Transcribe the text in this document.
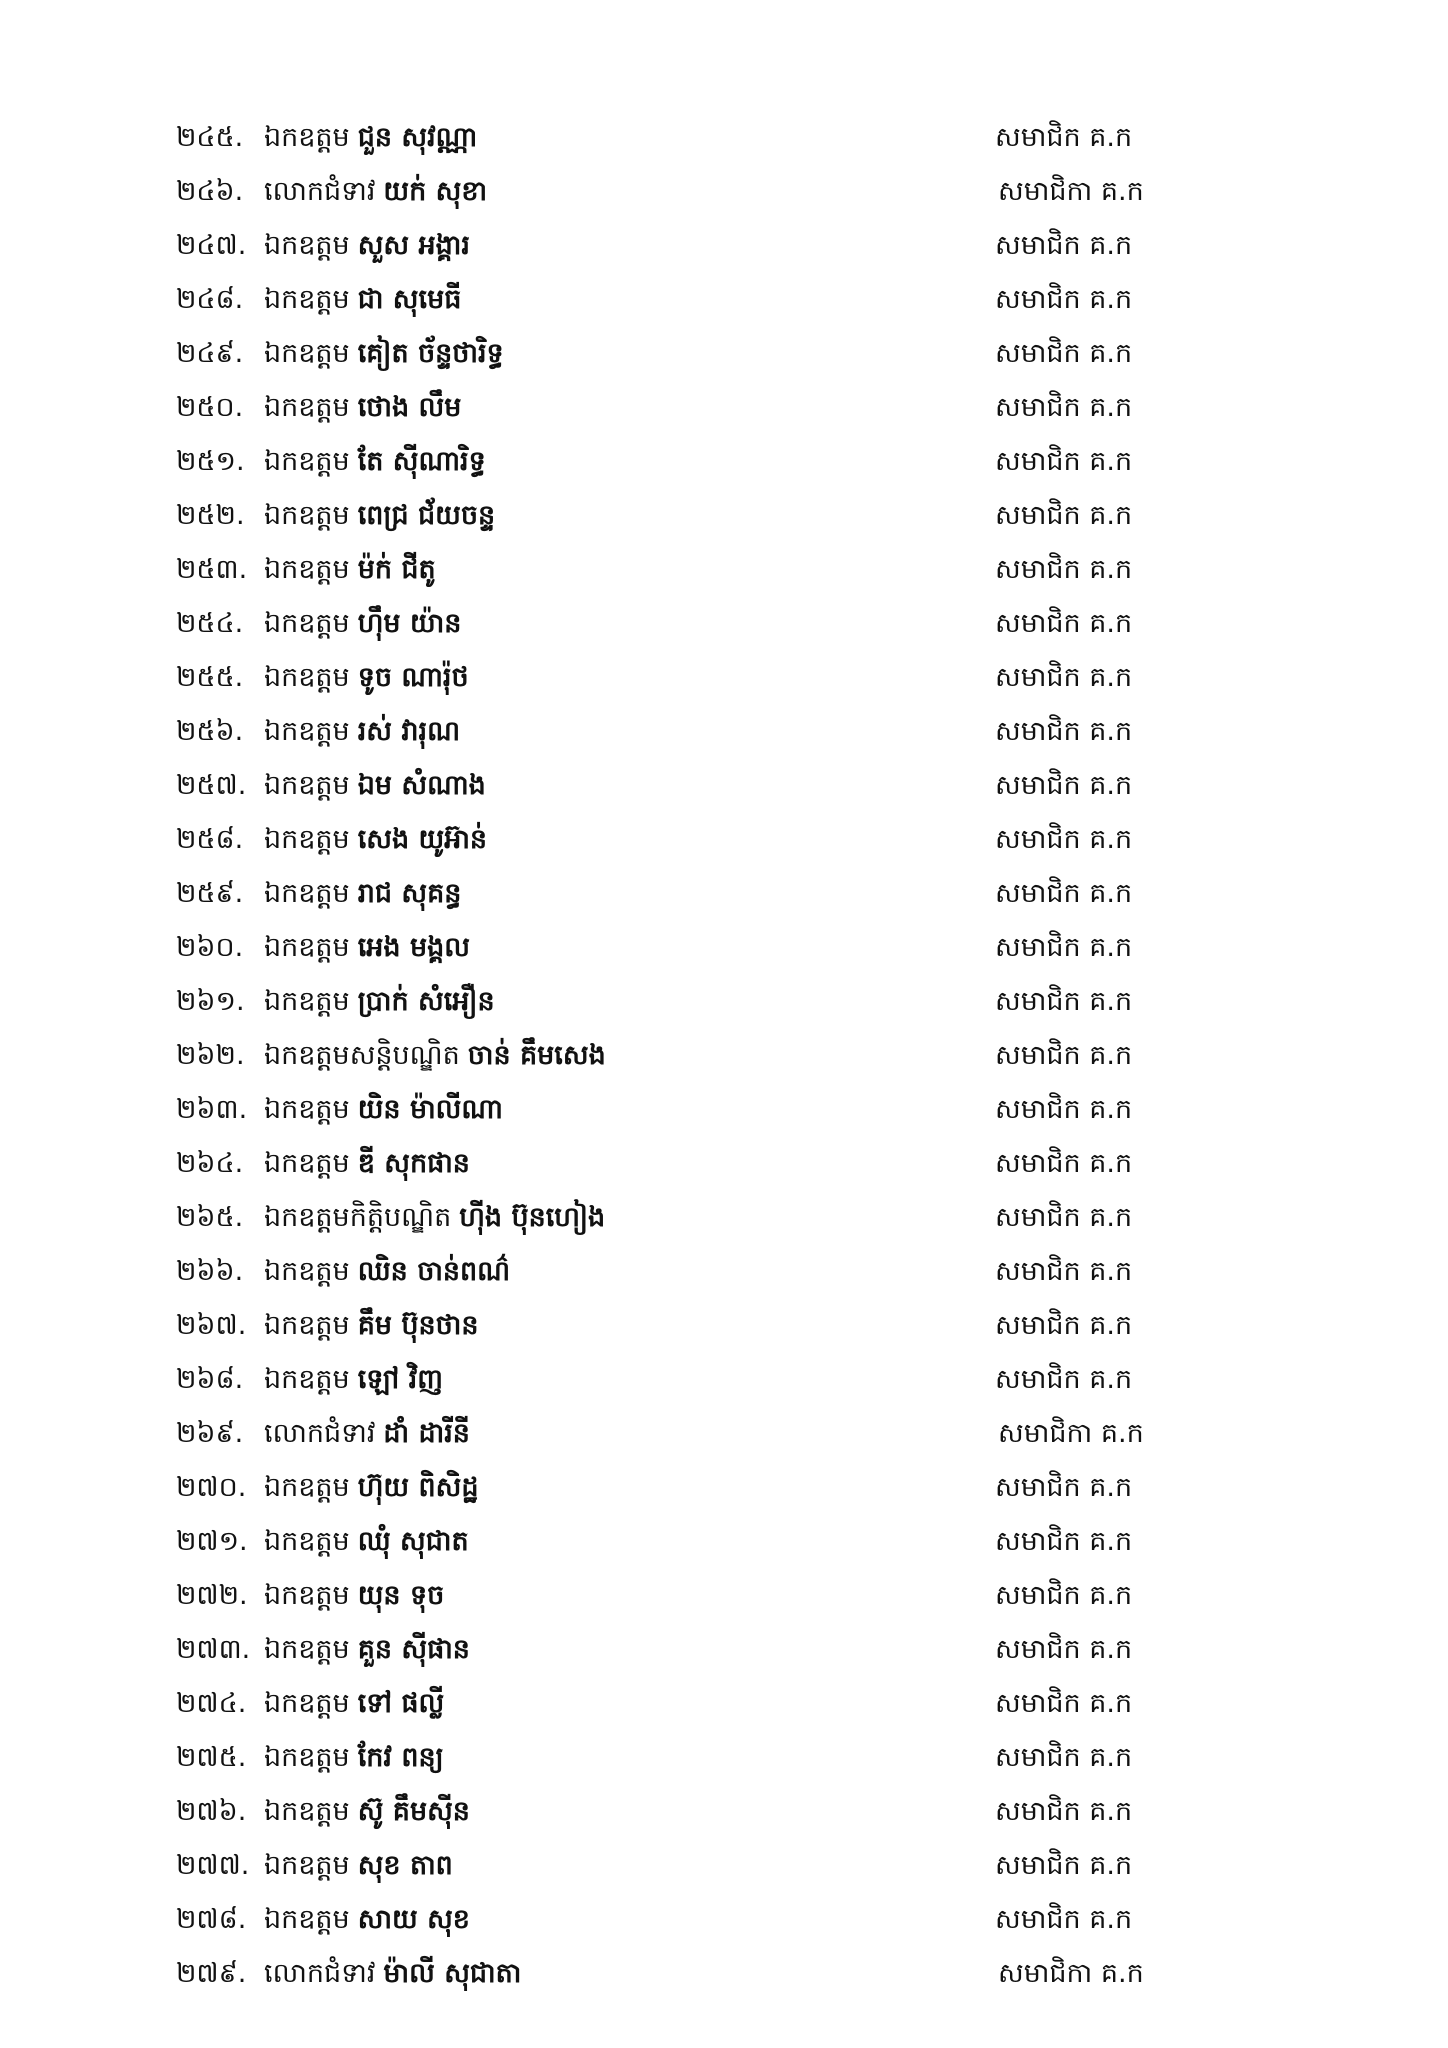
២៤៥. ឯកឧត្តម ជួន សុវណ្ណា	សមាជិក គ.ក
២៤៦. លោកជំទាវ យក់ សុខា	សមាជិកា គ.ក
២៤៧. ឯកឧត្តម សួស អង្គារ	សមាជិក គ.ក
២៤៨. ឯកឧត្តម ជា សុមេធី	សមាជិក គ.ក
២៤៩. ឯកឧត្តម គៀត ច័ន្ទថារិទ្ធ	សមាជិក គ.ក
២៥០. ឯកឧត្តម ថោង លឹម	សមាជិក គ.ក
២៥១. ឯកឧត្តម តែ ស៊ីណារិទ្ធ	សមាជិក គ.ក
២៥២. ឯកឧត្តម ពេជ្រ ជ័យចន្ទ	សមាជិក គ.ក
២៥៣. ឯកឧត្តម ម៉ក់ ជីតូ	សមាជិក គ.ក
២៥៤. ឯកឧត្តម ហ៊ឹម យ៉ាន	សមាជិក គ.ក
២៥៥. ឯកឧត្តម ទូច ណារ៉ុថ	សមាជិក គ.ក
២៥៦. ឯកឧត្តម រស់ វារុណ	សមាជិក គ.ក
២៥៧. ឯកឧត្តម ឯម សំណាង	សមាជិក គ.ក
២៥៨. ឯកឧត្តម សេង យូអ៊ាន់	សមាជិក គ.ក
២៥៩. ឯកឧត្តម រាជ សុគន្ធ	សមាជិក គ.ក
២៦០. ឯកឧត្តម អេង មង្គល	សមាជិក គ.ក
២៦១. ឯកឧត្តម ប្រាក់ សំអឿន	សមាជិក គ.ក
២៦២. ឯកឧត្តមសន្តិបណ្ឌិត ចាន់ គឹមសេង	សមាជិក គ.ក
២៦៣. ឯកឧត្តម យិន ម៉ាលីណា	សមាជិក គ.ក
២៦៤. ឯកឧត្តម ឌី សុកផាន	សមាជិក គ.ក
២៦៥. ឯកឧត្តមកិត្តិបណ្ឌិត ហ៊ីង ប៊ុនហៀង	សមាជិក គ.ក
២៦៦. ឯកឧត្តម ឈិន ចាន់ពណ៌	សមាជិក គ.ក
២៦៧. ឯកឧត្តម គឹម ប៊ុនថាន	សមាជិក គ.ក
២៦៨. ឯកឧត្តម ឡៅ វិញ	សមាជិក គ.ក
២៦៩. លោកជំទាវ ដាំ ដារីនី	សមាជិកា គ.ក
២៧០. ឯកឧត្តម ហ៊ុយ ពិសិដ្ឋ	សមាជិក គ.ក
២៧១. ឯកឧត្តម ឈុំ សុជាត	សមាជិក គ.ក
២៧២. ឯកឧត្តម យុន ទុច	សមាជិក គ.ក
២៧៣. ឯកឧត្តម គួន ស៊ីផាន	សមាជិក គ.ក
២៧៤. ឯកឧត្តម ទៅ ផល្លី	សមាជិក គ.ក
២៧៥. ឯកឧត្តម កែវ ពន្យ	សមាជិក គ.ក
២៧៦. ឯកឧត្តម ស៊ូ គឹមស៊ីន	សមាជិក គ.ក
២៧៧. ឯកឧត្តម សុខ តាព	សមាជិក គ.ក
២៧៨. ឯកឧត្តម សាយ សុខ	សមាជិក គ.ក
២៧៩. លោកជំទាវ ម៉ាលី សុជាតា	សមាជិកា គ.ក
